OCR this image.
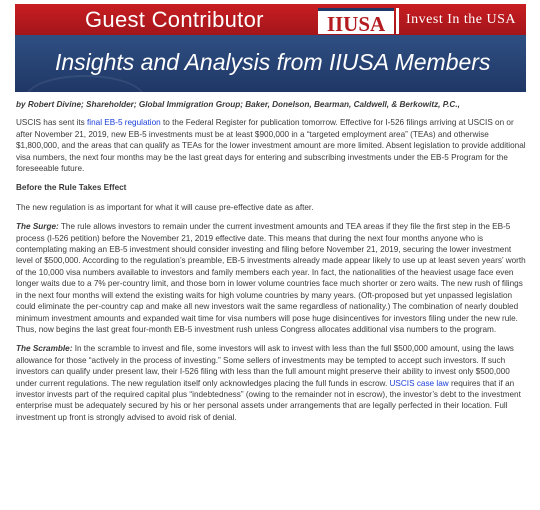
Guest Contributor	IIUSA	Invest In the USA
Insights and Analysis from IIUSA Members

by Robert Divine; Shareholder; Global Immigration Group; Baker, Donelson, Bearman, Caldwell, & Berkowitz, P.C.,

USCIS has sent its final EB-5 regulation to the Federal Register for publication tomorrow. Effective for I-526 filings arriving at USCIS on or after November 21, 2019, new EB-5 investments must be at least $900,000 in a “targeted employment area” (TEAs) and otherwise $1,800,000, and the areas that can qualify as TEAs for the lower investment amount are more limited. Absent legislation to provide additional visa numbers, the next four months may be the last great days for entering and subscribing investments under the EB-5 Program for the foreseeable future.

Before the Rule Takes Effect

The new regulation is as important for what it will cause pre-effective date as after.

The Surge: The rule allows investors to remain under the current investment amounts and TEA areas if they file the first step in the EB-5 process (I-526 petition) before the November 21, 2019 effective date. This means that during the next four months anyone who is contemplating making an EB-5 investment should consider investing and filing before November 21, 2019, securing the lower investment level of $500,000. According to the regulation’s preamble, EB-5 investments already made appear likely to use up at least seven years’ worth of the 10,000 visa numbers available to investors and family members each year. In fact, the nationalities of the heaviest usage face even longer waits due to a 7% per-country limit, and those born in lower volume countries face much shorter or zero waits. The new rush of filings in the next four months will extend the existing waits for high volume countries by many years. (Oft-proposed but yet unpassed legislation could eliminate the per-country cap and make all new investors wait the same regardless of nationality.) The combination of nearly doubled minimum investment amounts and expanded wait time for visa numbers will pose huge disincentives for investors filing under the new rule. Thus, now begins the last great four-month EB-5 investment rush unless Congress allocates additional visa numbers to the program.

The Scramble: In the scramble to invest and file, some investors will ask to invest with less than the full $500,000 amount, using the laws allowance for those “actively in the process of investing.” Some sellers of investments may be tempted to accept such investors. If such investors can qualify under present law, their I-526 filing with less than the full amount might preserve their ability to invest only $500,000 under current regulations. The new regulation itself only acknowledges placing the full funds in escrow. USCIS case law requires that if an investor invests part of the required capital plus “indebtedness” (owing to the remainder not in escrow), the investor’s debt to the investment enterprise must be adequately secured by his or her personal assets under arrangements that are legally perfected in their location. Full investment up front is strongly advised to avoid risk of denial.
